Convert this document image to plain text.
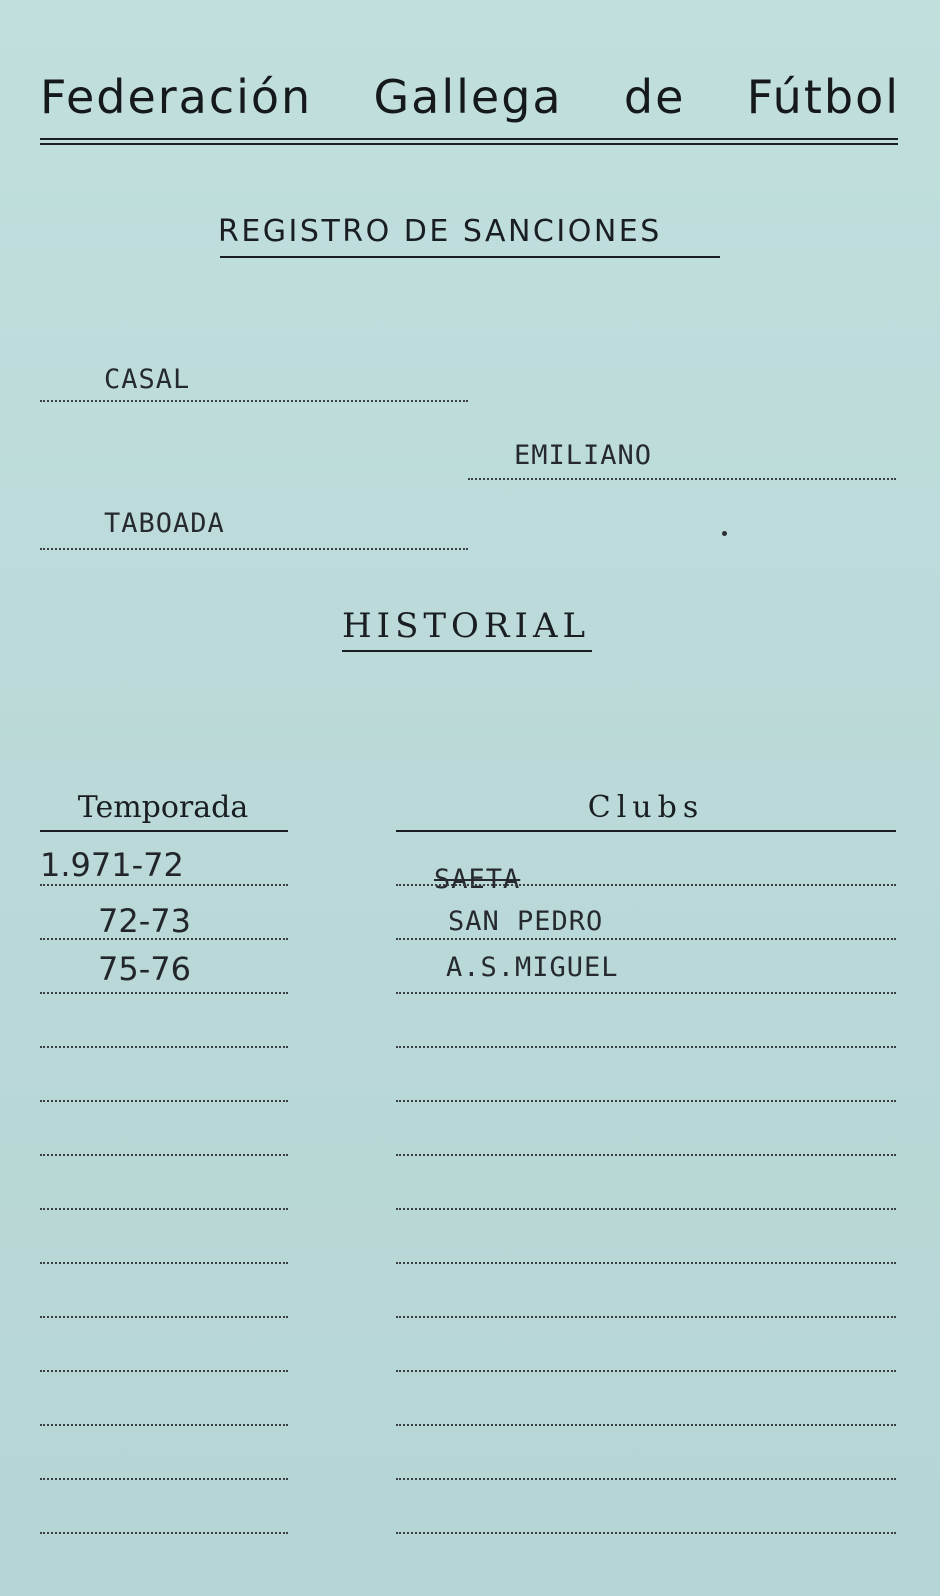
Federación Gallega de Fútbol
REGISTRO DE SANCIONES
CASAL
EMILIANO
TABOADA
HISTORIAL
Temporada	Clubs
1.971-72	SAETA
72-73	SAN PEDRO
75-76	A.S.MIGUEL
